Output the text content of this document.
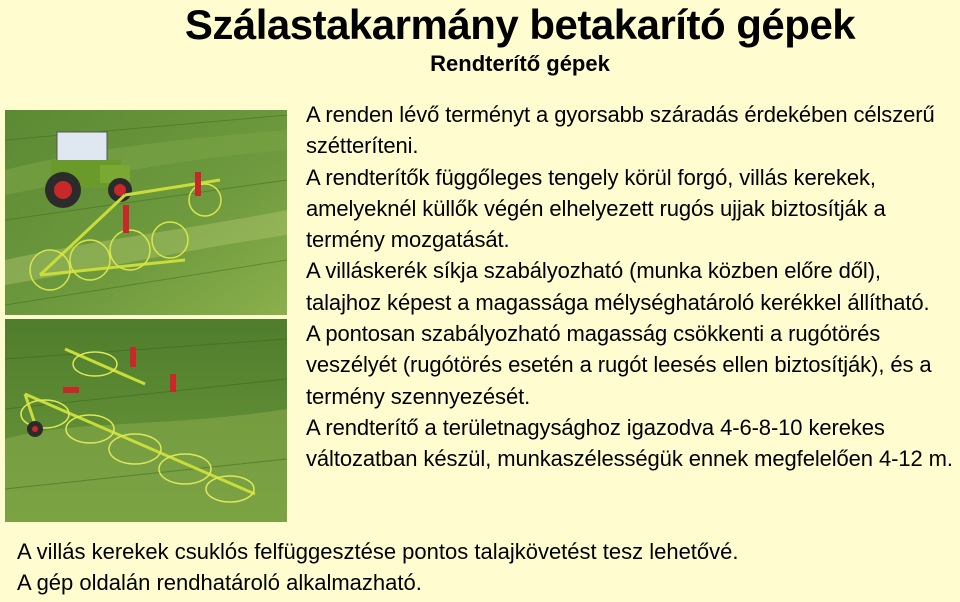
Szálastakarmány betakarító gépek
Rendterítő gépek

A renden lévő terményt a gyorsabb száradás érdekében célszerű szétteríteni.

A rendterítők függőleges tengely körül forgó, villás kerekek, amelyeknél küllők végén elhelyezett rugós ujjak biztosítják a termény mozgatását.

A villáskerék síkja szabályozható (munka közben előre dől), talajhoz képest a magassága mélységhatároló kerékkel állítható.

A pontosan szabályozható magasság csökkenti a rugótörés veszélyét (rugótörés esetén a rugót leesés ellen biztosítják), és a termény szennyezését.

A rendterítő a területnagysághoz igazodva 4-6-8-10 kerekes változatban készül, munkaszélességük ennek megfelelően 4-12 m.

A villás kerekek csuklós felfüggesztése pontos talajkövetést tesz lehetővé.

A gép oldalán rendhatároló alkalmazható.
